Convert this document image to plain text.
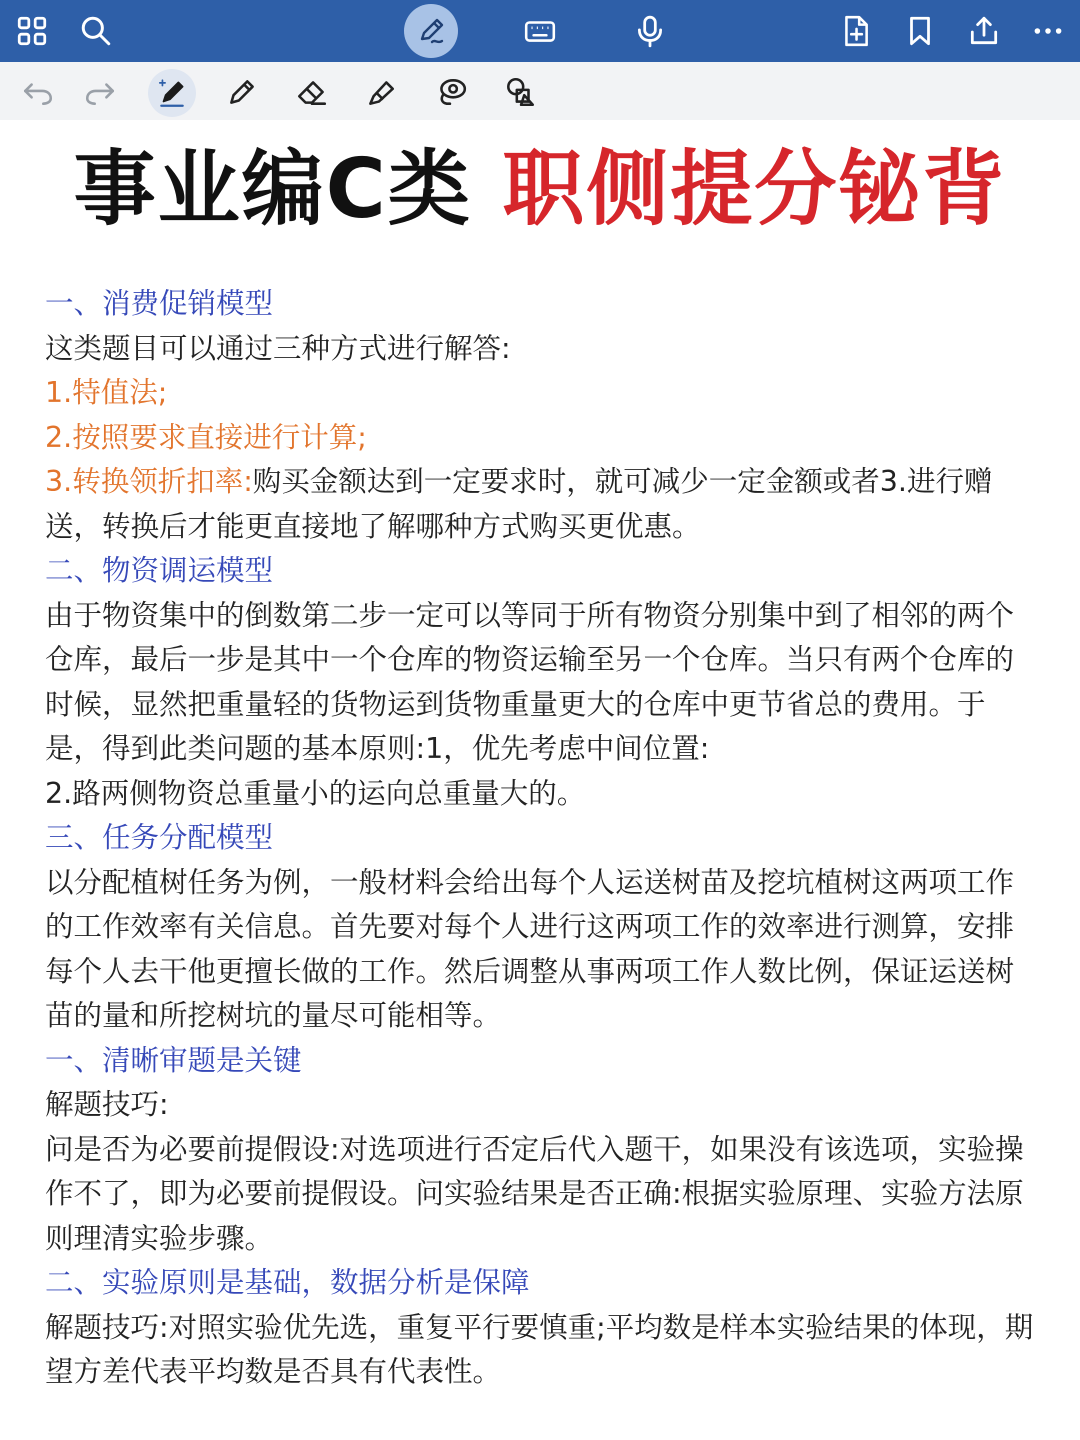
事业编C类 职侧提分铋背

一、消费促销模型

这类题目可以通过三种方式进行解答:

1.特值法;

2.按照要求直接进行计算;

3.转换领折扣率:购买金额达到一定要求时，就可减少一定金额或者3.进行赠送，转换后才能更直接地了解哪种方式购买更优惠。

二、物资调运模型

由于物资集中的倒数第二步一定可以等同于所有物资分别集中到了相邻的两个仓库，最后一步是其中一个仓库的物资运输至另一个仓库。当只有两个仓库的时候，显然把重量轻的货物运到货物重量更大的仓库中更节省总的费用。于是，得到此类问题的基本原则:1，优先考虑中间位置:

2.路两侧物资总重量小的运向总重量大的。

三、任务分配模型

以分配植树任务为例，一般材料会给出每个人运送树苗及挖坑植树这两项工作的工作效率有关信息。首先要对每个人进行这两项工作的效率进行测算，安排每个人去干他更擅长做的工作。然后调整从事两项工作人数比例，保证运送树苗的量和所挖树坑的量尽可能相等。

一、清晰审题是关键

解题技巧:

问是否为必要前提假设:对选项进行否定后代入题干，如果没有该选项，实验操作不了，即为必要前提假设。问实验结果是否正确:根据实验原理、实验方法原则理清实验步骤。

二、实验原则是基础，数据分析是保障

解题技巧:对照实验优先选，重复平行要慎重;平均数是样本实验结果的体现，期望方差代表平均数是否具有代表性。
